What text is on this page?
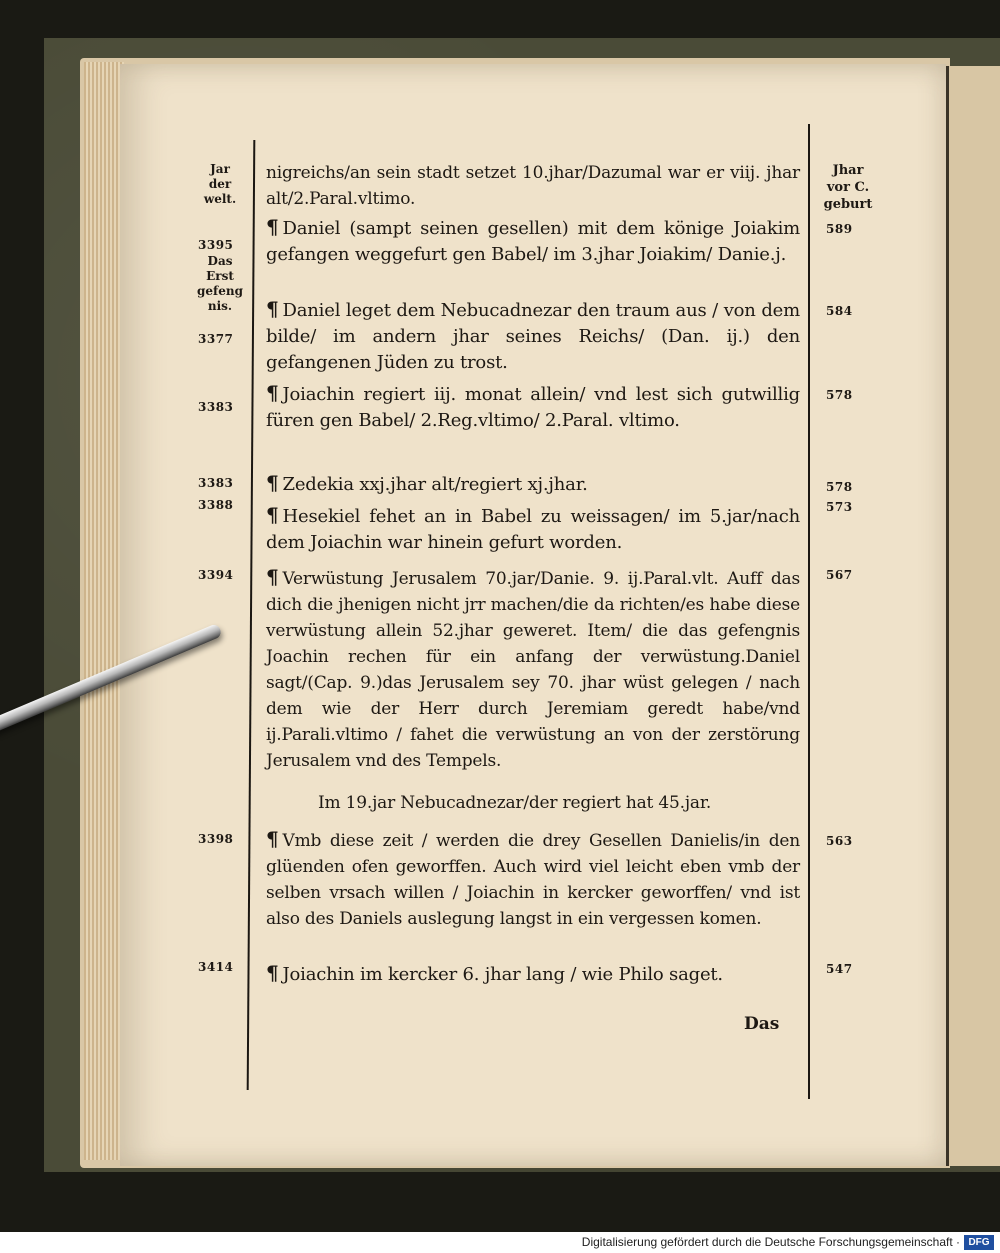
Jar
der
welt.
3395
Das
Erst
gefeng
nis.
3377
3383
3383
3388
3394
3398
3414
Jhar
vor C.
geburt
589
584
578
578
573
567
563
547

nigreichs/an sein stadt setzet 10.jhar/Dazumal war er viij. jhar alt/2.Paral.vltimo.

¶ Daniel (sampt seinen gesellen) mit dem könige Joiakim gefangen weggefurt gen Babel/ im 3.jhar Joiakim/ Danie.j.

¶ Daniel leget dem Nebucadnezar den traum aus / von dem bilde/ im andern jhar seines Reichs/ (Dan. ij.) den gefangenen Jüden zu trost.

¶ Joiachin regiert iij. monat allein/ vnd lest sich gutwillig füren gen Babel/ 2.Reg.vltimo/ 2.Paral. vltimo.

¶ Zedekia xxj.jhar alt/regiert xj.jhar.

¶ Hesekiel fehet an in Babel zu weissagen/ im 5.jar/nach dem Joiachin war hinein gefurt worden.

¶ Verwüstung Jerusalem 70.jar/Danie. 9. ij.Paral.vlt. Auff das dich die jhenigen nicht jrr machen/die da richten/es habe diese verwüstung allein 52.jhar geweret. Item/ die das gefengnis Joachin rechen für ein anfang der verwüstung.Daniel sagt/(Cap. 9.)das Jerusalem sey 70. jhar wüst gelegen / nach dem wie der Herr durch Jeremiam geredt habe/vnd ij.Parali.vltimo / fahet die verwüstung an von der zerstörung Jerusalem vnd des Tempels.

Im 19.jar Nebucadnezar/der regiert hat 45.jar.

¶ Vmb diese zeit / werden die drey Gesellen Danielis/in den glüenden ofen geworffen. Auch wird viel leicht eben vmb der selben vrsach willen / Joiachin in kercker geworffen/ vnd ist also des Daniels auslegung langst in ein vergessen komen.

¶ Joiachin im kercker 6. jhar lang / wie Philo saget.

Das
Digitalisierung gefördert durch die Deutsche Forschungsgemeinschaft · DFG
